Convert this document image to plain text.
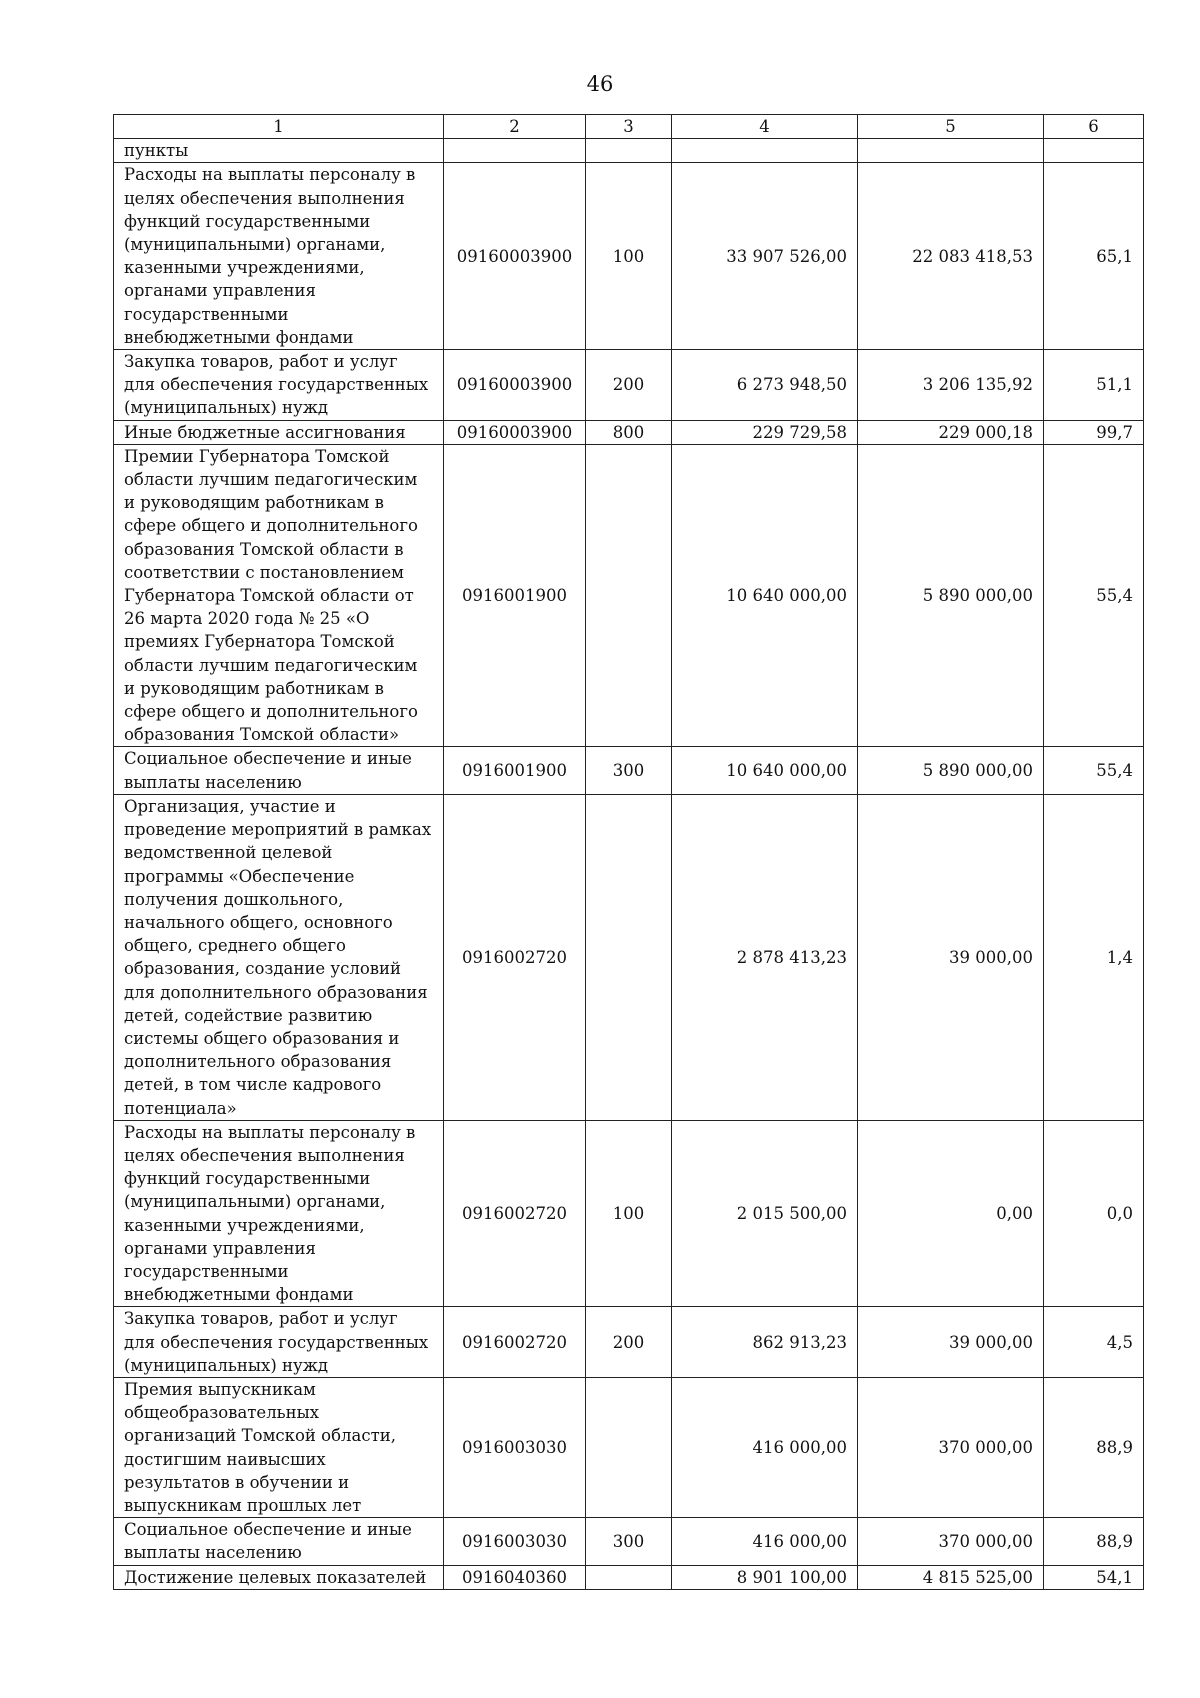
46
1	2	3	4	5	6
пункты					
Расходы на выплаты персоналу в целях обеспечения выполнения функций государственными (муниципальными) органами, казенными учреждениями, органами управления государственными внебюджетными фондами	09160003900	100	33 907 526,00	22 083 418,53	65,1
Закупка товаров, работ и услуг для обеспечения государственных (муниципальных) нужд	09160003900	200	6 273 948,50	3 206 135,92	51,1
Иные бюджетные ассигнования	09160003900	800	229 729,58	229 000,18	99,7
Премии Губернатора Томской области лучшим педагогическим и руководящим работникам в сфере общего и дополнительного образования Томской области в соответствии с постановлением Губернатора Томской области от 26 марта 2020 года № 25 «О премиях Губернатора Томской области лучшим педагогическим и руководящим работникам в сфере общего и дополнительного образования Томской области»	0916001900		10 640 000,00	5 890 000,00	55,4
Социальное обеспечение и иные выплаты населению	0916001900	300	10 640 000,00	5 890 000,00	55,4
Организация, участие и проведение мероприятий в рамках ведомственной целевой программы «Обеспечение получения дошкольного, начального общего, основного общего, среднего общего образования, создание условий для дополнительного образования детей, содействие развитию системы общего образования и дополнительного образования детей, в том числе кадрового потенциала»	0916002720		2 878 413,23	39 000,00	1,4
Расходы на выплаты персоналу в целях обеспечения выполнения функций государственными (муниципальными) органами, казенными учреждениями, органами управления государственными внебюджетными фондами	0916002720	100	2 015 500,00	0,00	0,0
Закупка товаров, работ и услуг для обеспечения государственных (муниципальных) нужд	0916002720	200	862 913,23	39 000,00	4,5
Премия выпускникам общеобразовательных организаций Томской области, достигшим наивысших результатов в обучении и выпускникам прошлых лет	0916003030		416 000,00	370 000,00	88,9
Социальное обеспечение и иные выплаты населению	0916003030	300	416 000,00	370 000,00	88,9
Достижение целевых показателей	0916040360		8 901 100,00	4 815 525,00	54,1
